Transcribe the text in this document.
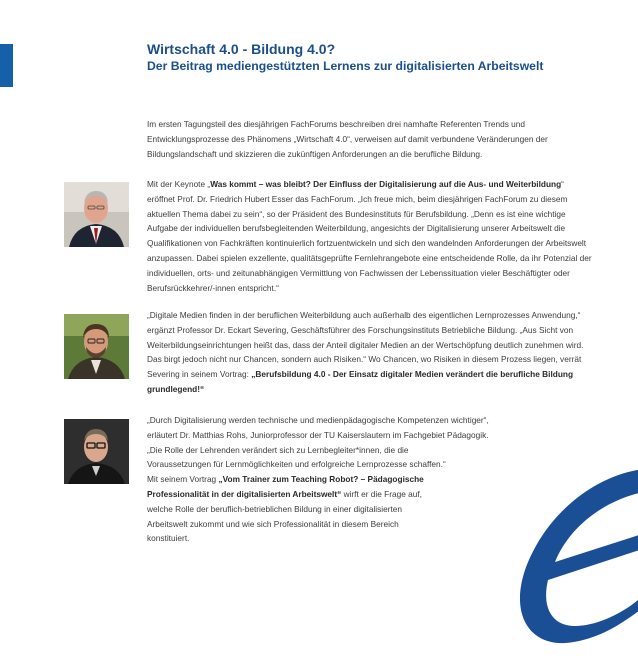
Wirtschaft 4.0 - Bildung 4.0?
Der Beitrag mediengestützten Lernens zur digitalisierten Arbeitswelt

Im ersten Tagungsteil des diesjährigen FachForums beschreiben drei namhafte Referenten Trends und Entwicklungsprozesse des Phänomens „Wirtschaft 4.0“, verweisen auf damit verbundene Veränderungen der Bildungslandschaft und skizzieren die zukünftigen Anforderungen an die berufliche Bildung.

Mit der Keynote „Was kommt – was bleibt? Der Einfluss der Digitalisierung auf die Aus- und Weiterbildung“ eröffnet Prof. Dr. Friedrich Hubert Esser das FachForum. „Ich freue mich, beim diesjährigen FachForum zu diesem aktuellen Thema dabei zu sein“, so der Präsident des Bundesinstituts für Berufsbildung. „Denn es ist eine wichtige Aufgabe der individuellen berufsbegleitenden Weiterbildung, angesichts der Digitalisierung unserer Arbeitswelt die Qualifikationen von Fachkräften kontinuierlich fortzuentwickeln und sich den wandelnden Anforderungen der Arbeitswelt anzupassen. Dabei spielen exzellente, qualitätsgeprüfte Fernlehrangebote eine entscheidende Rolle, da ihr Potenzial der individuellen, orts- und zeitunabhängigen Vermittlung von Fachwissen der Lebenssituation vieler Beschäftigter oder Berufsrückkehrer/-innen entspricht.“

„Digitale Medien finden in der beruflichen Weiterbildung auch außerhalb des eigentlichen Lernprozesses Anwendung,“ ergänzt Professor Dr. Eckart Severing, Geschäftsführer des Forschungsinstituts Betriebliche Bildung. „Aus Sicht von Weiterbildungseinrichtungen heißt das, dass der Anteil digitaler Medien an der Wertschöpfung deutlich zunehmen wird. Das birgt jedoch nicht nur Chancen, sondern auch Risiken.“ Wo Chancen, wo Risiken in diesem Prozess liegen, verrät Severing in seinem Vortrag: „Berufsbildung 4.0 - Der Einsatz digitaler Medien verändert die berufliche Bildung grundlegend!“

„Durch Digitalisierung werden technische und medienpädagogische Kompetenzen wichtiger“,

erläutert Dr. Matthias Rohs, Juniorprofessor der TU Kaiserslautern im Fachgebiet Pädagogik.

„Die Rolle der Lehrenden verändert sich zu Lernbegleiter*innen, die die

Voraussetzungen für Lernmöglichkeiten und erfolgreiche Lernprozesse schaffen.“

Mit seinem Vortrag „Vom Trainer zum Teaching Robot? – Pädagogische

Professionalität in der digitalisierten Arbeitswelt“ wirft er die Frage auf,

welche Rolle der beruflich-betrieblichen Bildung in einer digitalisierten

Arbeitswelt zukommt und wie sich Professionalität in diesem Bereich

konstituiert.
